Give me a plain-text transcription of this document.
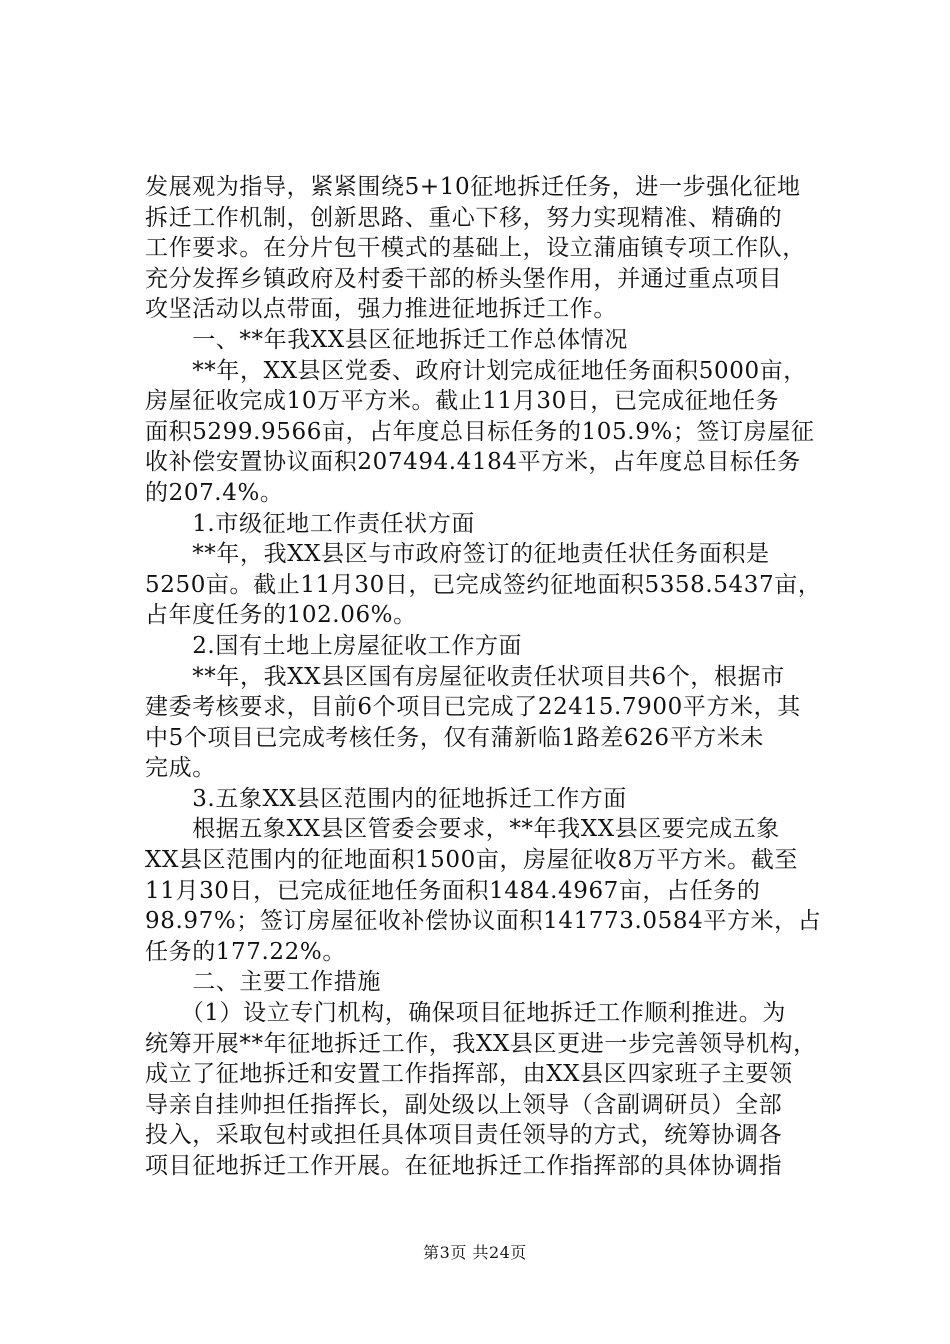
发展观为指导，紧紧围绕5+10征地拆迁任务，进一步强化征地
拆迁工作机制，创新思路、重心下移，努力实现精准、精确的
工作要求。在分片包干模式的基础上，设立蒲庙镇专项工作队，
充分发挥乡镇政府及村委干部的桥头堡作用，并通过重点项目
攻坚活动以点带面，强力推进征地拆迁工作。
　　一、**年我XX县区征地拆迁工作总体情况
　　**年，XX县区党委、政府计划完成征地任务面积5000亩，
房屋征收完成10万平方米。截止11月30日，已完成征地任务
面积5299.9566亩，占年度总目标任务的105.9%；签订房屋征
收补偿安置协议面积207494.4184平方米，占年度总目标任务
的207.4%。
　　1.市级征地工作责任状方面
　　**年，我XX县区与市政府签订的征地责任状任务面积是
5250亩。截止11月30日，已完成签约征地面积5358.5437亩，
占年度任务的102.06%。
　　2.国有土地上房屋征收工作方面
　　**年，我XX县区国有房屋征收责任状项目共6个，根据市
建委考核要求，目前6个项目已完成了22415.7900平方米，其
中5个项目已完成考核任务，仅有蒲新临1路差626平方米未
完成。
　　3.五象XX县区范围内的征地拆迁工作方面
　　根据五象XX县区管委会要求，**年我XX县区要完成五象
XX县区范围内的征地面积1500亩，房屋征收8万平方米。截至
11月30日，已完成征地任务面积1484.4967亩，占任务的
98.97%；签订房屋征收补偿协议面积141773.0584平方米，占
任务的177.22%。
　　二、主要工作措施
　　（1）设立专门机构，确保项目征地拆迁工作顺利推进。为
统筹开展**年征地拆迁工作，我XX县区更进一步完善领导机构，
成立了征地拆迁和安置工作指挥部，由XX县区四家班子主要领
导亲自挂帅担任指挥长，副处级以上领导（含副调研员）全部
投入，采取包村或担任具体项目责任领导的方式，统筹协调各
项目征地拆迁工作开展。在征地拆迁工作指挥部的具体协调指
第3页 共24页
